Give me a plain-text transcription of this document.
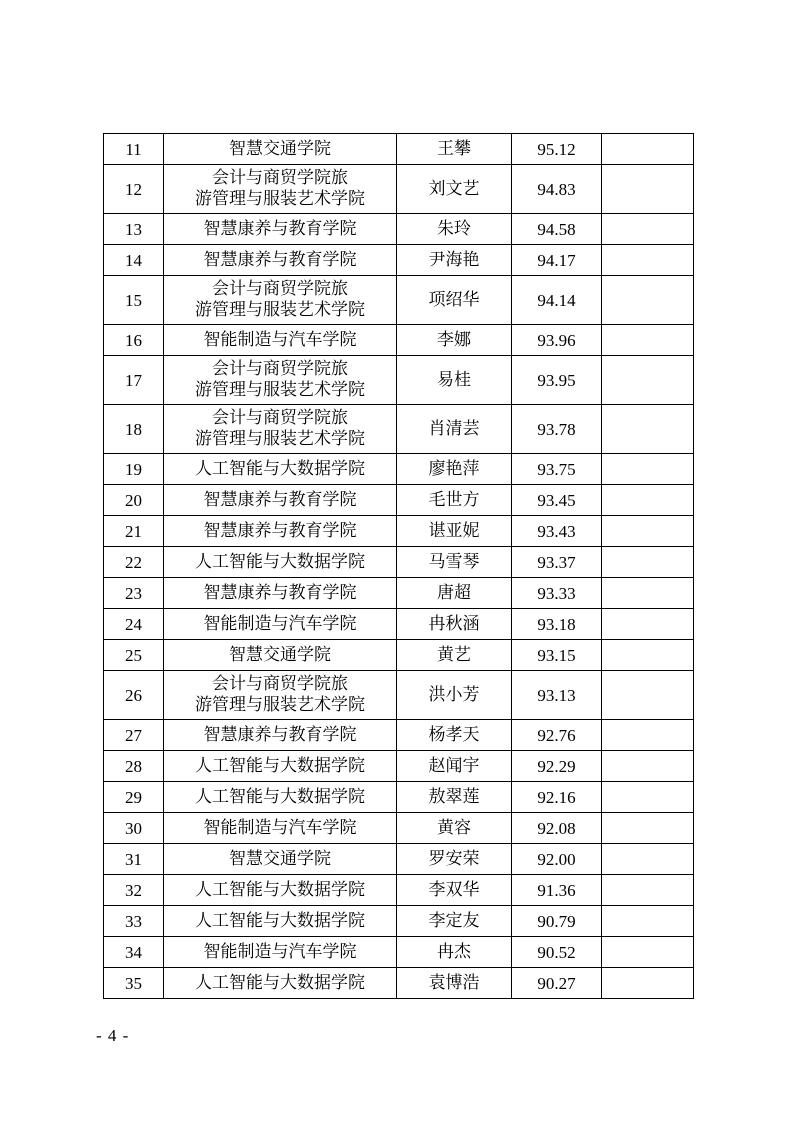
11	智慧交通学院	王攀	95.12	
12	会计与商贸学院旅
游管理与服装艺术学院	刘文艺	94.83	
13	智慧康养与教育学院	朱玲	94.58	
14	智慧康养与教育学院	尹海艳	94.17	
15	会计与商贸学院旅
游管理与服装艺术学院	项绍华	94.14	
16	智能制造与汽车学院	李娜	93.96	
17	会计与商贸学院旅
游管理与服装艺术学院	易桂	93.95	
18	会计与商贸学院旅
游管理与服装艺术学院	肖清芸	93.78	
19	人工智能与大数据学院	廖艳萍	93.75	
20	智慧康养与教育学院	毛世方	93.45	
21	智慧康养与教育学院	谌亚妮	93.43	
22	人工智能与大数据学院	马雪琴	93.37	
23	智慧康养与教育学院	唐超	93.33	
24	智能制造与汽车学院	冉秋涵	93.18	
25	智慧交通学院	黄艺	93.15	
26	会计与商贸学院旅
游管理与服装艺术学院	洪小芳	93.13	
27	智慧康养与教育学院	杨孝天	92.76	
28	人工智能与大数据学院	赵闻宇	92.29	
29	人工智能与大数据学院	敖翠莲	92.16	
30	智能制造与汽车学院	黄容	92.08	
31	智慧交通学院	罗安荣	92.00	
32	人工智能与大数据学院	李双华	91.36	
33	人工智能与大数据学院	李定友	90.79	
34	智能制造与汽车学院	冉杰	90.52	
35	人工智能与大数据学院	袁博浩	90.27	
- 4 -
